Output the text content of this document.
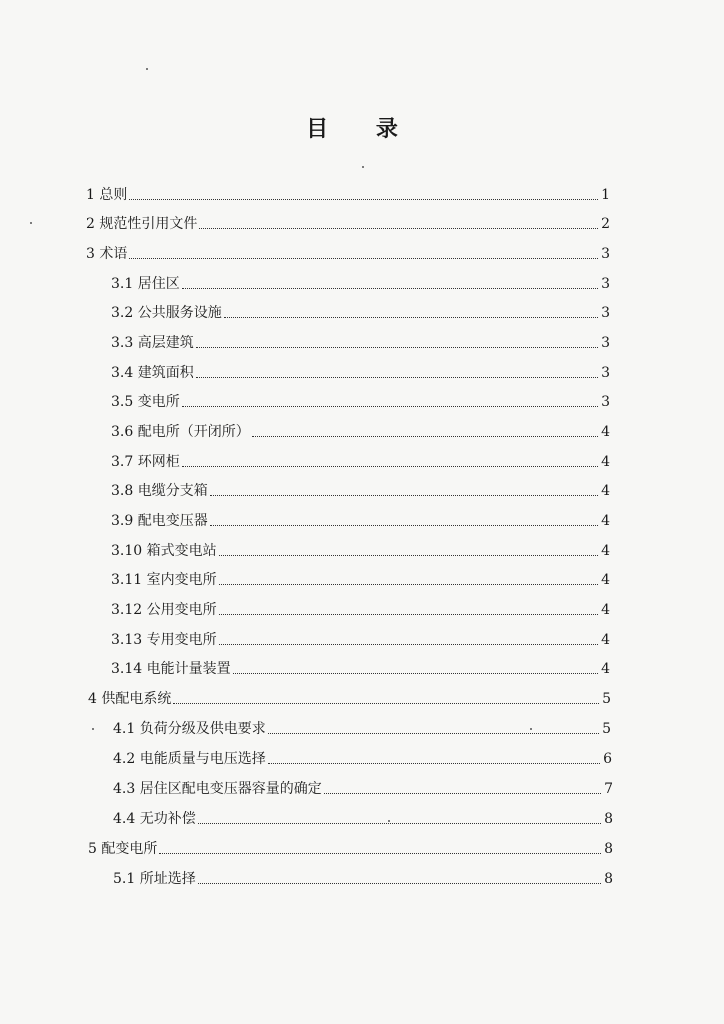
目 录
1 总则	1
2 规范性引用文件	2
3 术语	3
3.1 居住区	3
3.2 公共服务设施	3
3.3 高层建筑	3
3.4 建筑面积	3
3.5 变电所	3
3.6 配电所（开闭所）	4
3.7 环网柜	4
3.8 电缆分支箱	4
3.9 配电变压器	4
3.10 箱式变电站	4
3.11 室内变电所	4
3.12 公用变电所	4
3.13 专用变电所	4
3.14 电能计量装置	4
4 供配电系统	5
4.1 负荷分级及供电要求	5
4.2 电能质量与电压选择	6
4.3 居住区配电变压器容量的确定	7
4.4 无功补偿	8
5 配变电所	8
5.1 所址选择	8
